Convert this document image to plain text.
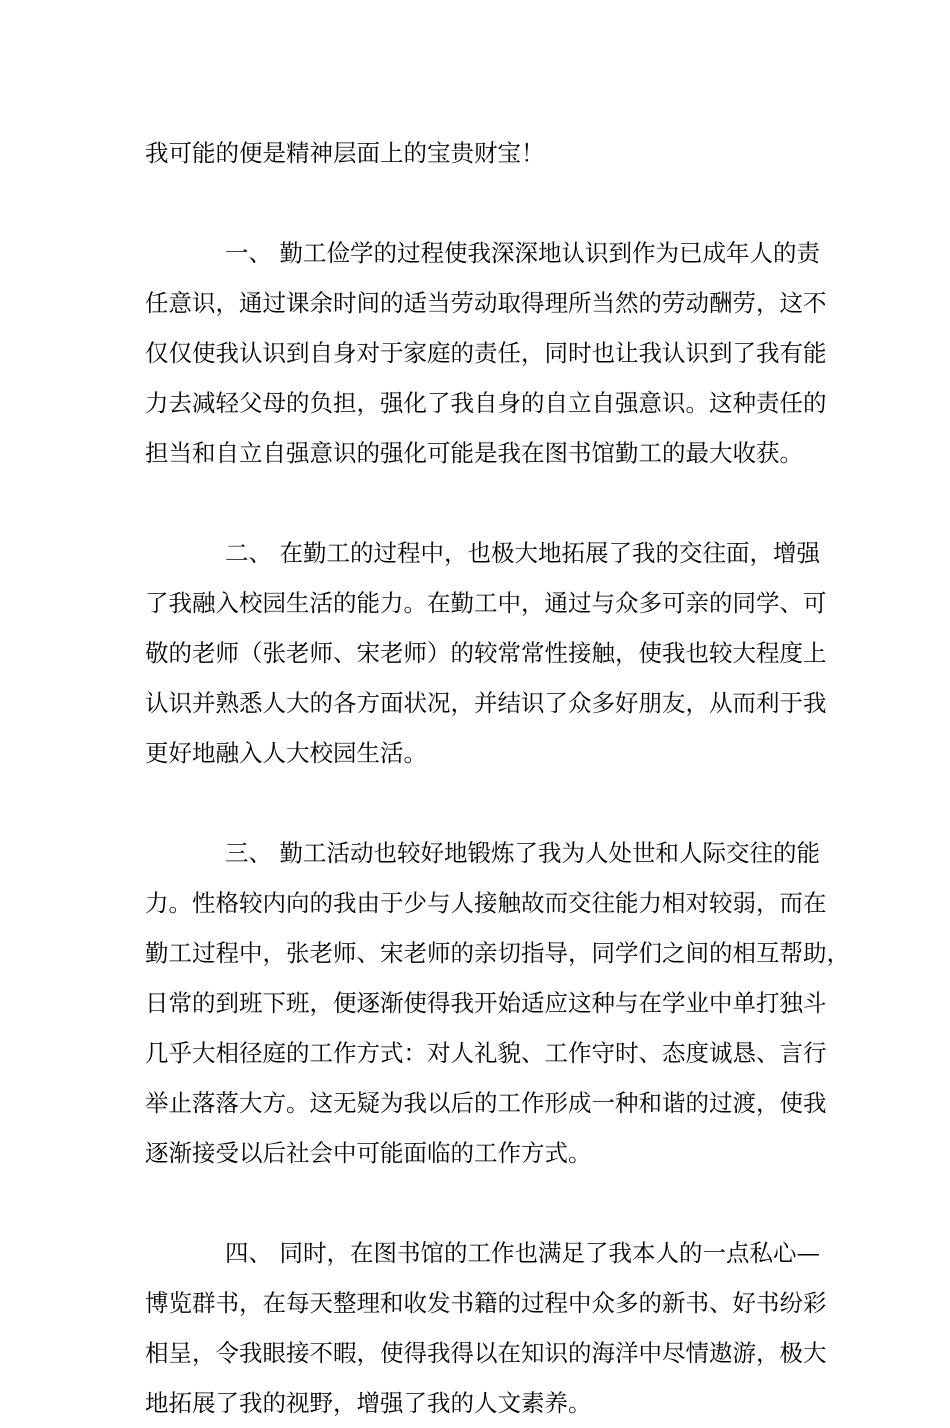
我可能的便是精神层面上的宝贵财宝！
一、 勤工俭学的过程使我深深地认识到作为已成年人的责
任意识，通过课余时间的适当劳动取得理所当然的劳动酬劳，这不
仅仅使我认识到自身对于家庭的责任，同时也让我认识到了我有能
力去减轻父母的负担，强化了我自身的自立自强意识。这种责任的
担当和自立自强意识的强化可能是我在图书馆勤工的最大收获。
二、 在勤工的过程中，也极大地拓展了我的交往面，增强
了我融入校园生活的能力。在勤工中，通过与众多可亲的同学、可
敬的老师（张老师、宋老师）的较常常性接触，使我也较大程度上
认识并熟悉人大的各方面状况，并结识了众多好朋友，从而利于我
更好地融入人大校园生活。
三、 勤工活动也较好地锻炼了我为人处世和人际交往的能
力。性格较内向的我由于少与人接触故而交往能力相对较弱，而在
勤工过程中，张老师、宋老师的亲切指导，同学们之间的相互帮助，
日常的到班下班，便逐渐使得我开始适应这种与在学业中单打独斗
几乎大相径庭的工作方式：对人礼貌、工作守时、态度诚恳、言行
举止落落大方。这无疑为我以后的工作形成一种和谐的过渡，使我
逐渐接受以后社会中可能面临的工作方式。
四、 同时，在图书馆的工作也满足了我本人的一点私心—
博览群书，在每天整理和收发书籍的过程中众多的新书、好书纷彩
相呈，令我眼接不暇，使得我得以在知识的海洋中尽情遨游，极大
地拓展了我的视野，增强了我的人文素养。
